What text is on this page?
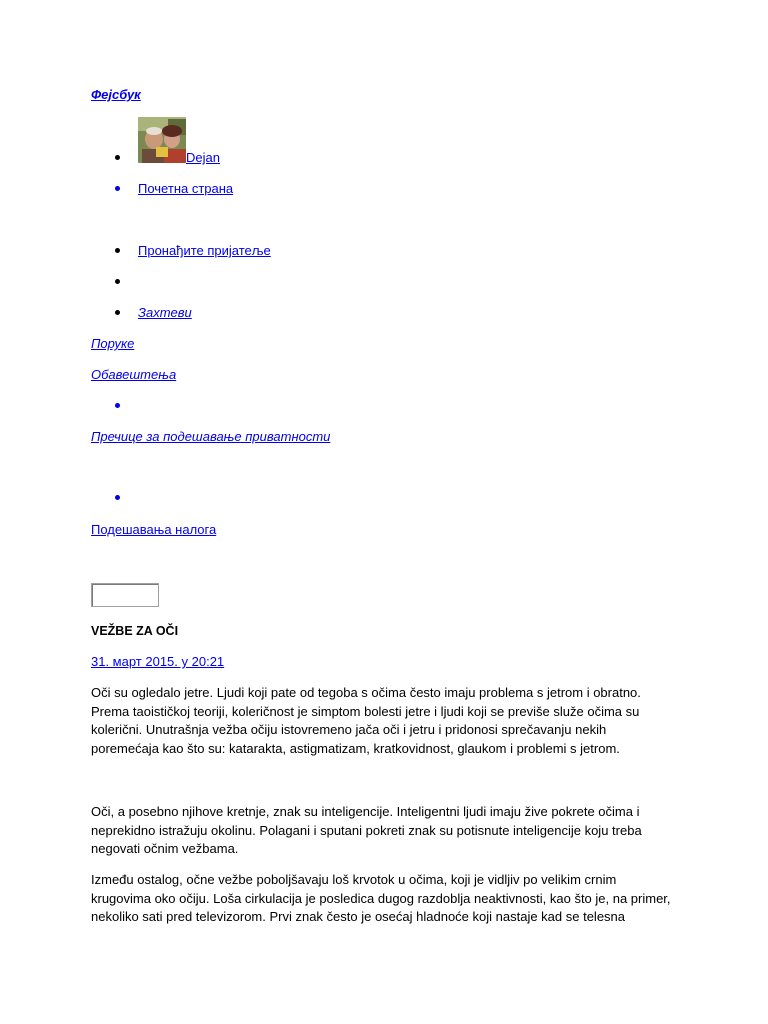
Фејсбук
Dejan
Почетна страна
Пронађите пријатеље
Захтеви
Поруке
Обавештења
Пречице за подешавање приватности
Подешавања налога
VEŽBE ZA OČI
31. март 2015. у 20:21
Oči su ogledalo jetre. Ljudi koji pate od tegoba s očima često imaju problema s jetrom i obratno.
Prema taoističkoj teoriji, koleričnost je simptom bolesti jetre i ljudi koji se previše služe očima su
kolerični. Unutrašnja vežba očiju istovremeno jača oči i jetru i pridonosi sprečavanju nekih
poremećaja kao što su: katarakta, astigmatizam, kratkovidnost, glaukom i problemi s jetrom.
Oči, a posebno njihove kretnje, znak su inteligencije. Inteligentni ljudi imaju žive pokrete očima i
neprekidno istražuju okolinu. Polagani i sputani pokreti znak su potisnute inteligencije koju treba
negovati očnim vežbama.
Između ostalog, očne vežbe poboljšavaju loš krvotok u očima, koji je vidljiv po velikim crnim
krugovima oko očiju. Loša cirkulacija je posledica dugog razdoblja neaktivnosti, kao što je, na primer,
nekoliko sati pred televizorom. Prvi znak često je osećaj hladnoće koji nastaje kad se telesna
